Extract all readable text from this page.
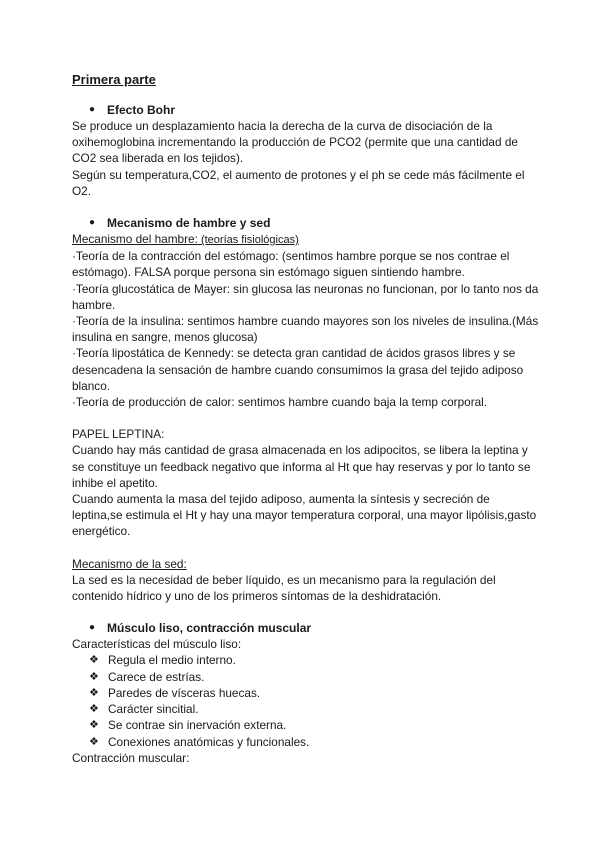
Primera parte

● Efecto Bohr

Se produce un desplazamiento hacia la derecha de la curva de disociación de la oxihemoglobina incrementando la producción de PCO2 (permite que una cantidad de CO2 sea liberada en los tejidos).

Según su temperatura,CO2, el aumento de protones y el ph se cede más fácilmente el O2.

● Mecanismo de hambre y sed

Mecanismo del hambre: (teorías fisiológicas)

·Teoría de la contracción del estómago: (sentimos hambre porque se nos contrae el estómago). FALSA porque persona sin estómago siguen sintiendo hambre.

·Teoría glucostática de Mayer: sin glucosa las neuronas no funcionan, por lo tanto nos da hambre.

·Teoría de la insulina: sentimos hambre cuando mayores son los niveles de insulina.(Más insulina en sangre, menos glucosa)

·Teoría lipostática de Kennedy: se detecta gran cantidad de ácidos grasos libres y se desencadena la sensación de hambre cuando consumimos la grasa del tejido adiposo blanco.

·Teoría de producción de calor: sentimos hambre cuando baja la temp corporal.

PAPEL LEPTINA:

Cuando hay más cantidad de grasa almacenada en los adipocitos, se libera la leptina y se constituye un feedback negativo que informa al Ht que hay reservas y por lo tanto se inhibe el apetito.

Cuando aumenta la masa del tejido adiposo, aumenta la síntesis y secreción de leptina,se estimula el Ht y hay una mayor temperatura corporal, una mayor lipólisis,gasto energético.

Mecanismo de la sed:

La sed es la necesidad de beber líquido, es un mecanismo para la regulación del contenido hídrico y uno de los primeros síntomas de la deshidratación.

● Músculo liso, contracción muscular

Características del músculo liso:

❖ Regula el medio interno.
❖ Carece de estrías.
❖ Paredes de vísceras huecas.
❖ Carácter sincitial.
❖ Se contrae sin inervación externa.
❖ Conexiones anatómicas y funcionales.

Contracción muscular:
